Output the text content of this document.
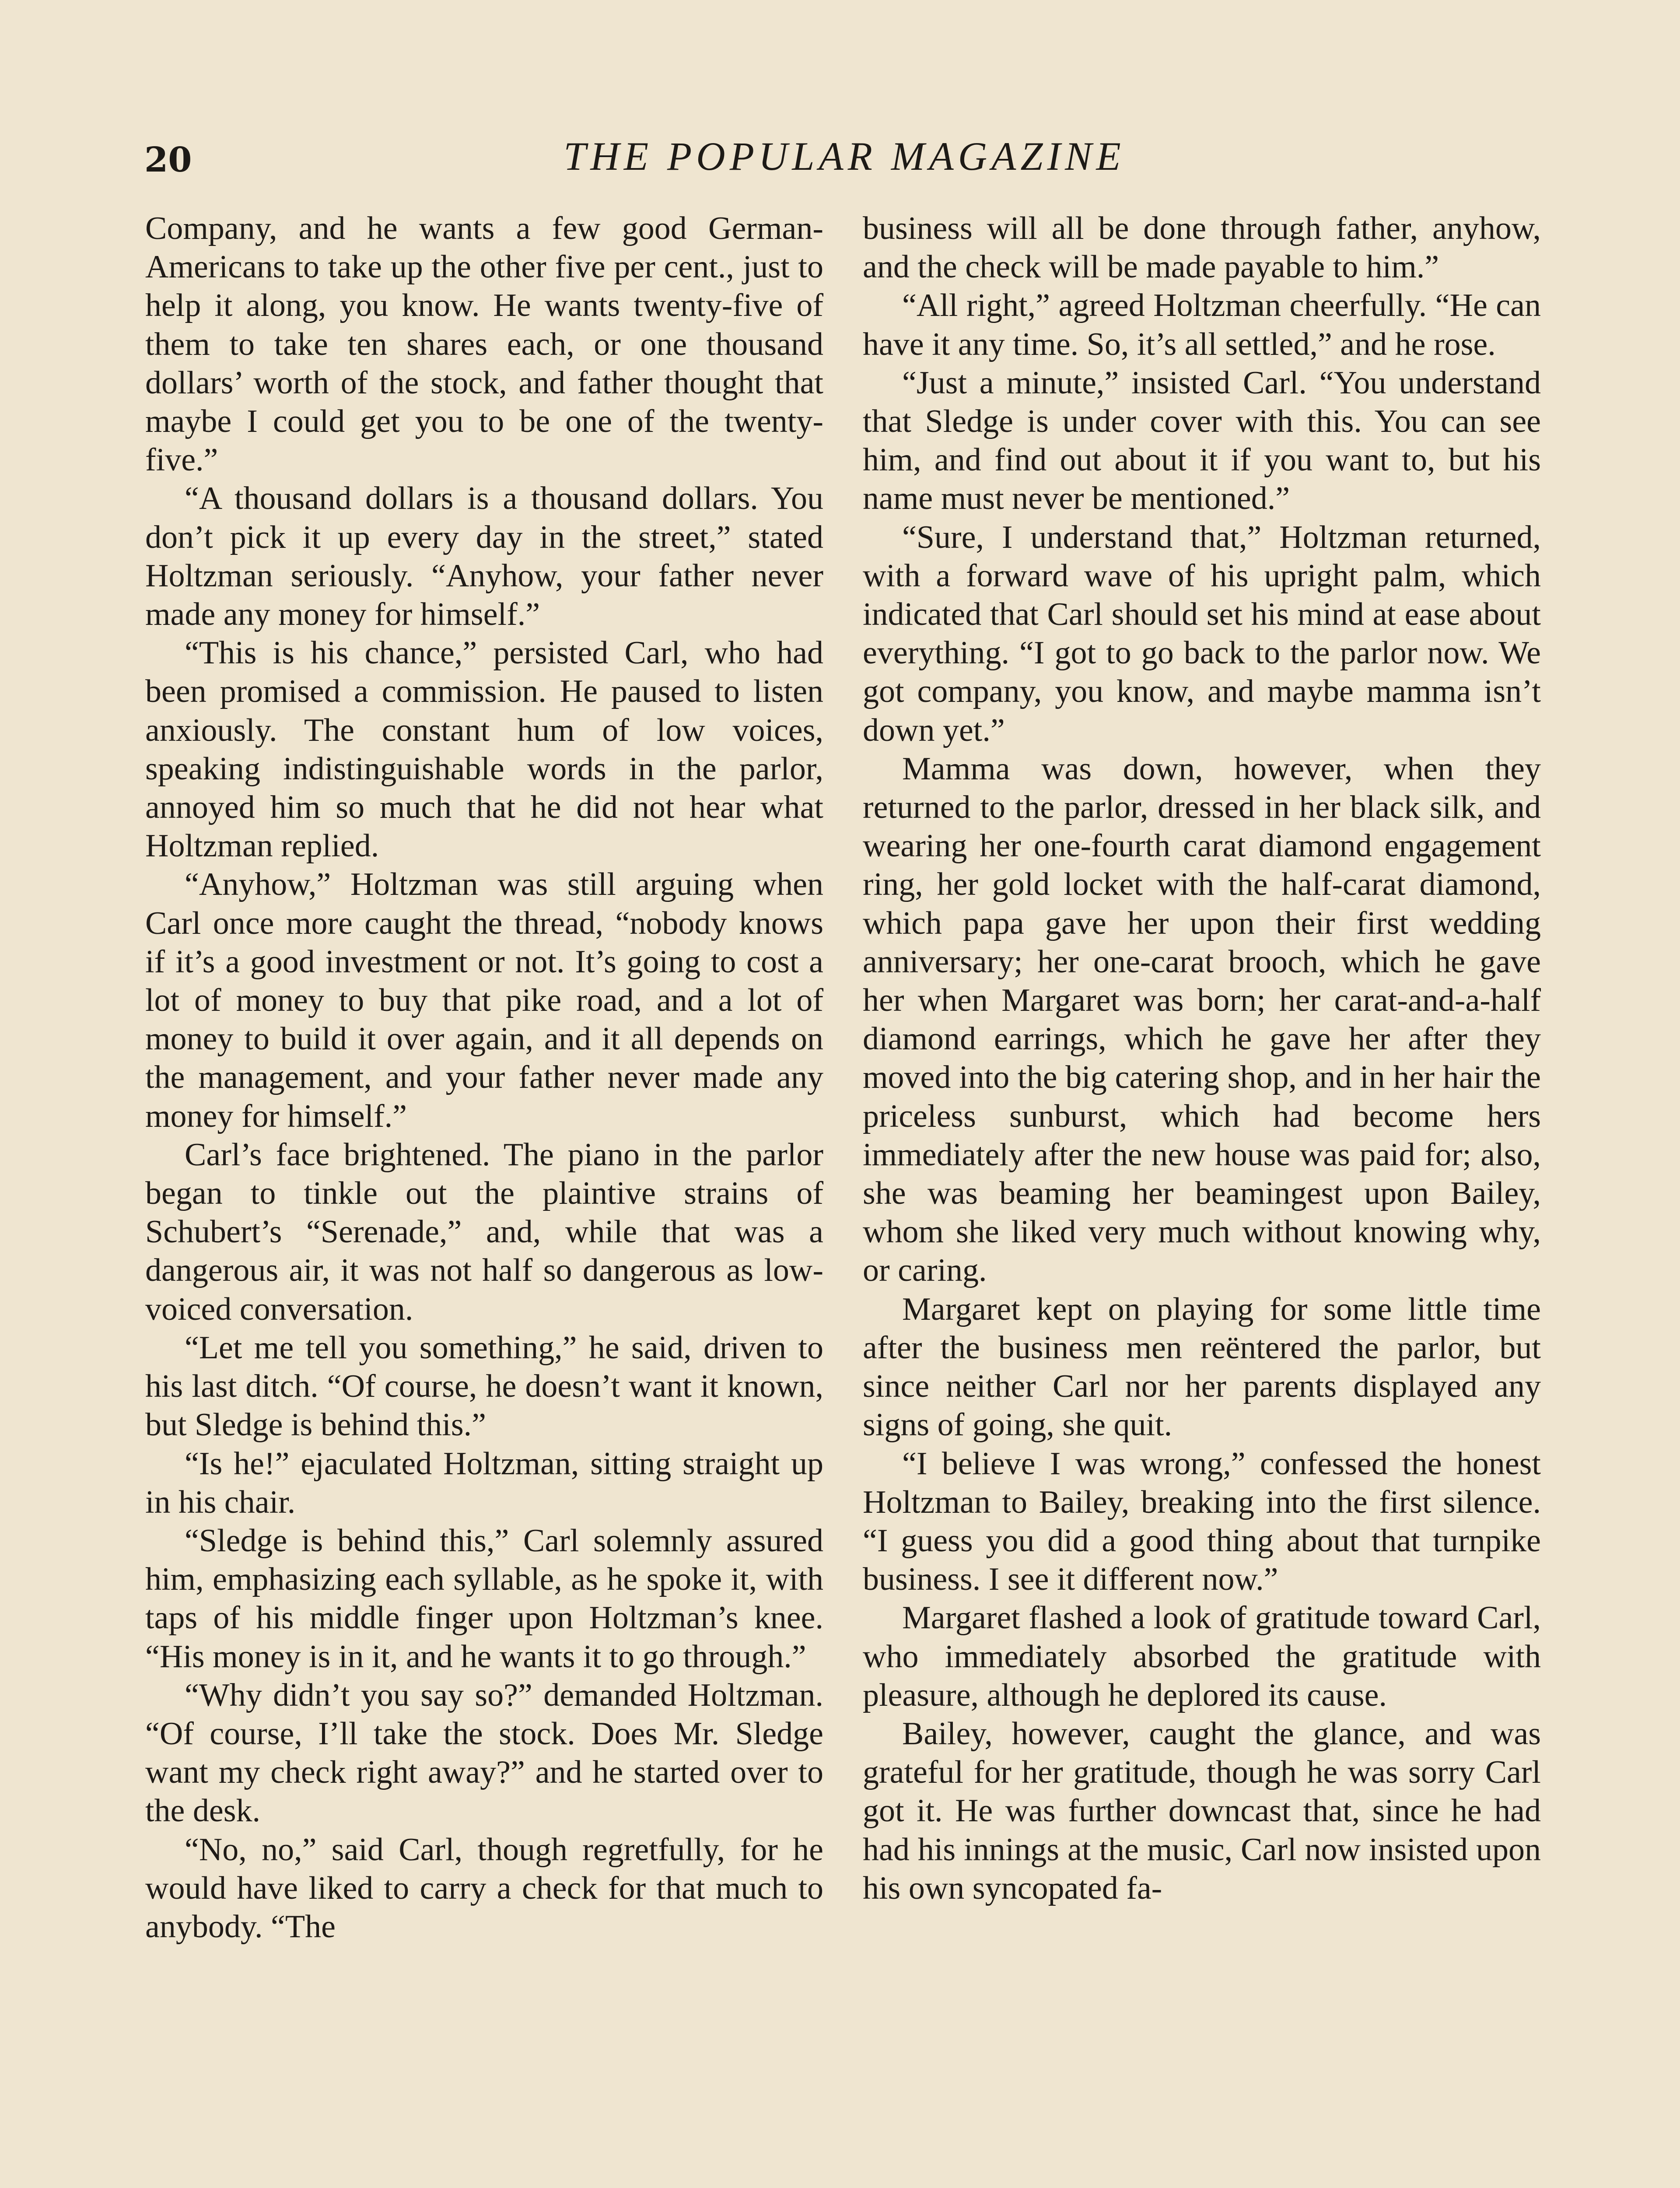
20	THE POPULAR MAGAZINE

Company, and he wants a few good German-Americans to take up the other five per cent., just to help it along, you know. He wants twenty-five of them to take ten shares each, or one thousand dollars’ worth of the stock, and father thought that maybe I could get you to be one of the twenty-five.”

“A thousand dollars is a thousand dollars. You don’t pick it up every day in the street,” stated Holtzman seriously. “Anyhow, your father never made any money for himself.”

“This is his chance,” persisted Carl, who had been promised a commission. He paused to listen anxiously. The constant hum of low voices, speaking indistinguishable words in the parlor, annoyed him so much that he did not hear what Holtzman replied.

“Anyhow,” Holtzman was still arguing when Carl once more caught the thread, “nobody knows if it’s a good investment or not. It’s going to cost a lot of money to buy that pike road, and a lot of money to build it over again, and it all depends on the management, and your father never made any money for himself.”

Carl’s face brightened. The piano in the parlor began to tinkle out the plaintive strains of Schubert’s “Serenade,” and, while that was a dangerous air, it was not half so dangerous as low-voiced conversation.

“Let me tell you something,” he said, driven to his last ditch. “Of course, he doesn’t want it known, but Sledge is behind this.”

“Is he!” ejaculated Holtzman, sitting straight up in his chair.

“Sledge is behind this,” Carl solemnly assured him, emphasizing each syllable, as he spoke it, with taps of his middle finger upon Holtzman’s knee. “His money is in it, and he wants it to go through.”

“Why didn’t you say so?” demanded Holtzman. “Of course, I’ll take the stock. Does Mr. Sledge want my check right away?” and he started over to the desk.

“No, no,” said Carl, though regretfully, for he would have liked to carry a check for that much to anybody. “The

business will all be done through father, anyhow, and the check will be made payable to him.”

“All right,” agreed Holtzman cheerfully. “He can have it any time. So, it’s all settled,” and he rose.

“Just a minute,” insisted Carl. “You understand that Sledge is under cover with this. You can see him, and find out about it if you want to, but his name must never be mentioned.”

“Sure, I understand that,” Holtzman returned, with a forward wave of his upright palm, which indicated that Carl should set his mind at ease about everything. “I got to go back to the parlor now. We got company, you know, and maybe mamma isn’t down yet.”

Mamma was down, however, when they returned to the parlor, dressed in her black silk, and wearing her one-fourth carat diamond engagement ring, her gold locket with the half-carat diamond, which papa gave her upon their first wedding anniversary; her one-carat brooch, which he gave her when Margaret was born; her carat-and-a-half diamond earrings, which he gave her after they moved into the big catering shop, and in her hair the priceless sunburst, which had become hers immediately after the new house was paid for; also, she was beaming her beamingest upon Bailey, whom she liked very much without knowing why, or caring.

Margaret kept on playing for some little time after the business men reëntered the parlor, but since neither Carl nor her parents displayed any signs of going, she quit.

“I believe I was wrong,” confessed the honest Holtzman to Bailey, breaking into the first silence. “I guess you did a good thing about that turnpike business. I see it different now.”

Margaret flashed a look of gratitude toward Carl, who immediately absorbed the gratitude with pleasure, although he deplored its cause.

Bailey, however, caught the glance, and was grateful for her gratitude, though he was sorry Carl got it. He was further downcast that, since he had had his innings at the music, Carl now insisted upon his own syncopated fa-
